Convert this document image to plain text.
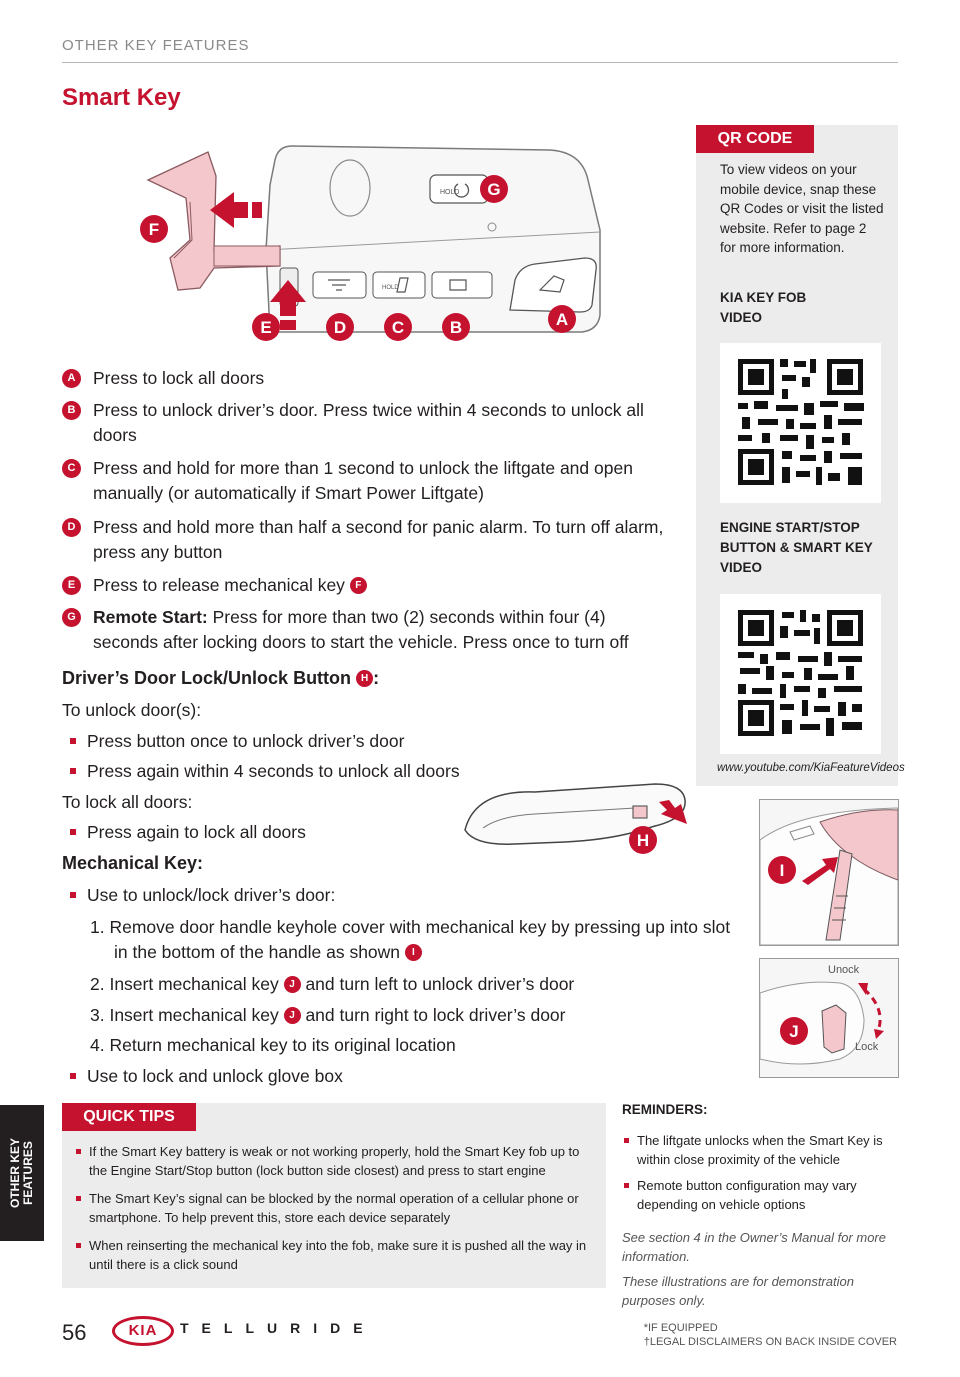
OTHER KEY FEATURES
Smart Key
OTHER KEY
FEATURES
HOLD
HOLD
F
G
E	D	C	B	A
A	Press to lock all doors
B	Press to unlock driver’s door. Press twice within 4 seconds to unlock all doors
C	Press and hold for more than 1 second to unlock the liftgate and open manually (or automatically if Smart Power Liftgate)
D	Press and hold more than half a second for panic alarm. To turn off alarm, press any button
E	Press to release mechanical key F
G Remote Start: Press for more than two (2) seconds within four (4) seconds after locking doors to start the vehicle. Press once to turn off
Driver’s Door Lock/Unlock Button H :
To unlock door(s):
Press button once to unlock driver’s door
Press again within 4 seconds to unlock all doors
To lock all doors:
Press again to lock all doors
Mechanical Key:
Use to unlock/lock driver’s door:
1. Remove door handle keyhole cover with mechanical key by pressing up into slot
in the bottom of the handle as shown I
2. Insert mechanical key J and turn left to unlock driver’s door
3. Insert mechanical key J and turn right to lock driver’s door
4. Return mechanical key to its original location
Use to lock and unlock glove box
H
QR CODE
To view videos on your mobile device, snap these QR Codes or visit the listed website. Refer to page 2 for more information.
KIA KEY FOB VIDEO
ENGINE START/STOP BUTTON & SMART KEY VIDEO
www.youtube.com/KiaFeatureVideos
I
Unock
Lock
J
QUICK TIPS
If the Smart Key battery is weak or not working properly, hold the Smart Key fob up to the Engine Start/Stop button (lock button side closest) and press to start engine
The Smart Key’s signal can be blocked by the normal operation of a cellular phone or smartphone. To help prevent this, store each device separately
When reinserting the mechanical key into the fob, make sure it is pushed all the way in until there is a click sound
REMINDERS:
The liftgate unlocks when the Smart Key is within close proximity of the vehicle
Remote button configuration may vary depending on vehicle options
See section 4 in the Owner’s Manual for more information.
These illustrations are for demonstration purposes only.
56	KIA	TELLURIDE	*IF EQUIPPED
†LEGAL DISCLAIMERS ON BACK INSIDE COVER
